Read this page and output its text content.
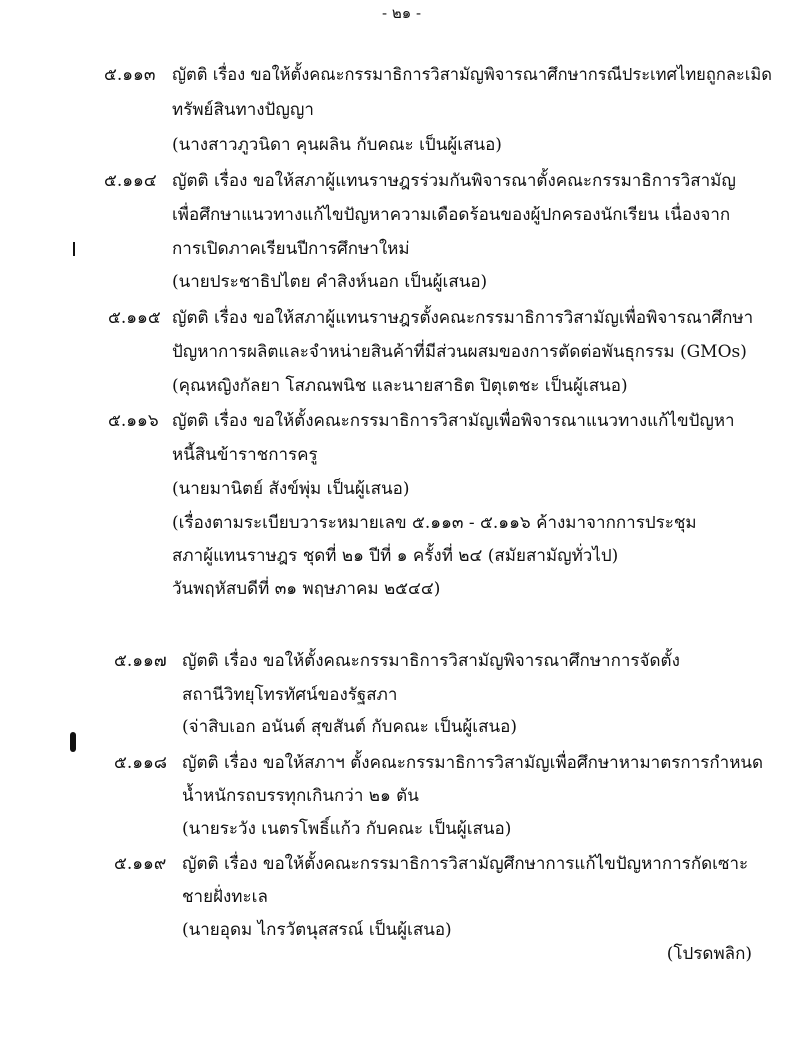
- ๒๑ -
๕.๑๑๓ ญัตติ เรื่อง ขอให้ตั้งคณะกรรมาธิการวิสามัญพิจารณาศึกษากรณีประเทศไทยถูกละเมิด
ทรัพย์สินทางปัญญา
(นางสาวภูวนิดา คุนผลิน กับคณะ เป็นผู้เสนอ)
๕.๑๑๔ ญัตติ เรื่อง ขอให้สภาผู้แทนราษฎรร่วมกันพิจารณาตั้งคณะกรรมาธิการวิสามัญ
เพื่อศึกษาแนวทางแก้ไขปัญหาความเดือดร้อนของผู้ปกครองนักเรียน เนื่องจาก
การเปิดภาคเรียนปีการศึกษาใหม่
(นายประชาธิปไตย คำสิงห์นอก เป็นผู้เสนอ)
๕.๑๑๕ ญัตติ เรื่อง ขอให้สภาผู้แทนราษฎรตั้งคณะกรรมาธิการวิสามัญเพื่อพิจารณาศึกษา
ปัญหาการผลิตและจำหน่ายสินค้าที่มีส่วนผสมของการตัดต่อพันธุกรรม (GMOs)
(คุณหญิงกัลยา โสภณพนิช และนายสาธิต ปิตุเตชะ เป็นผู้เสนอ)
๕.๑๑๖ ญัตติ เรื่อง ขอให้ตั้งคณะกรรมาธิการวิสามัญเพื่อพิจารณาแนวทางแก้ไขปัญหา
หนี้สินข้าราชการครู
(นายมานิตย์ สังข์พุ่ม เป็นผู้เสนอ)
(เรื่องตามระเบียบวาระหมายเลข ๕.๑๑๓ - ๕.๑๑๖ ค้างมาจากการประชุม
สภาผู้แทนราษฎร ชุดที่ ๒๑ ปีที่ ๑ ครั้งที่ ๒๔ (สมัยสามัญทั่วไป)
วันพฤหัสบดีที่ ๓๑ พฤษภาคม ๒๕๔๔)
๕.๑๑๗ ญัตติ เรื่อง ขอให้ตั้งคณะกรรมาธิการวิสามัญพิจารณาศึกษาการจัดตั้ง
สถานีวิทยุโทรทัศน์ของรัฐสภา
(จ่าสิบเอก อนันต์ สุขสันต์ กับคณะ เป็นผู้เสนอ)
๕.๑๑๘ ญัตติ เรื่อง ขอให้สภาฯ ตั้งคณะกรรมาธิการวิสามัญเพื่อศึกษาหามาตรการกำหนด
น้ำหนักรถบรรทุกเกินกว่า ๒๑ ตัน
(นายระวัง เนตรโพธิ์แก้ว กับคณะ เป็นผู้เสนอ)
๕.๑๑๙ ญัตติ เรื่อง ขอให้ตั้งคณะกรรมาธิการวิสามัญศึกษาการแก้ไขปัญหาการกัดเซาะ
ชายฝั่งทะเล
(นายอุดม ไกรวัตนุสสรณ์ เป็นผู้เสนอ)
(โปรดพลิก)
